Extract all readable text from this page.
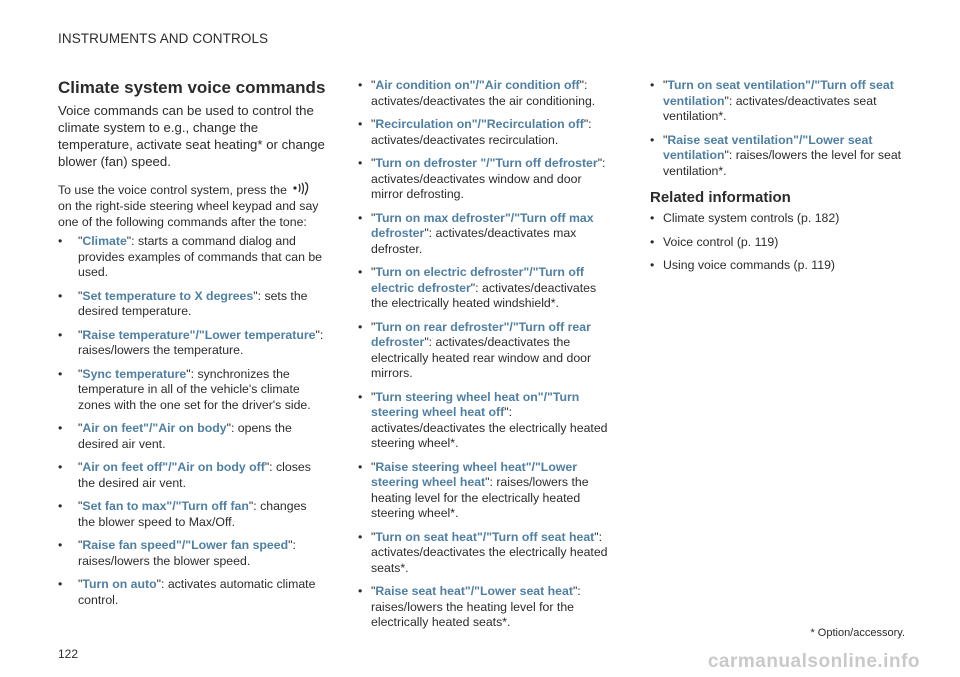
INSTRUMENTS AND CONTROLS
Climate system voice commands

Voice commands can be used to control the climate system to e.g., change the temperature, activate seat heating* or change blower (fan) speed.

To use the voice control system, press the on the right-side steering wheel keypad and say one of the following commands after the tone:

• "Climate": starts a command dialog and provides examples of commands that can be used.
• "Set temperature to X degrees": sets the desired temperature.
• "Raise temperature"/"Lower temperature": raises/lowers the temperature.
• "Sync temperature": synchronizes the temperature in all of the vehicle's climate zones with the one set for the driver's side.
• "Air on feet"/"Air on body": opens the desired air vent.
• "Air on feet off"/"Air on body off": closes the desired air vent.
• "Set fan to max"/"Turn off fan": changes the blower speed to Max/Off.
• "Raise fan speed"/"Lower fan speed": raises/lowers the blower speed.
• "Turn on auto": activates automatic climate control.
• "Air condition on"/"Air condition off": activates/deactivates the air conditioning.
• "Recirculation on"/"Recirculation off": activates/deactivates recirculation.
• "Turn on defroster "/"Turn off defroster": activates/deactivates window and door mirror defrosting.
• "Turn on max defroster"/"Turn off max defroster": activates/deactivates max defroster.
• "Turn on electric defroster"/"Turn off electric defroster": activates/deactivates the electrically heated windshield*.
• "Turn on rear defroster"/"Turn off rear defroster": activates/deactivates the electrically heated rear window and door mirrors.
• "Turn steering wheel heat on"/"Turn steering wheel heat off": activates/deactivates the electrically heated steering wheel*.
• "Raise steering wheel heat"/"Lower steering wheel heat": raises/lowers the heating level for the electrically heated steering wheel*.
• "Turn on seat heat"/"Turn off seat heat": activates/deactivates the electrically heated seats*.
• "Raise seat heat"/"Lower seat heat": raises/lowers the heating level for the electrically heated seats*.
• "Turn on seat ventilation"/"Turn off seat ventilation": activates/deactivates seat ventilation*.
• "Raise seat ventilation"/"Lower seat ventilation": raises/lowers the level for seat ventilation*.
Related information
• Climate system controls (p. 182)
• Voice control (p. 119)
• Using voice commands (p. 119)
* Option/accessory.
122	carmanualsonline.info
